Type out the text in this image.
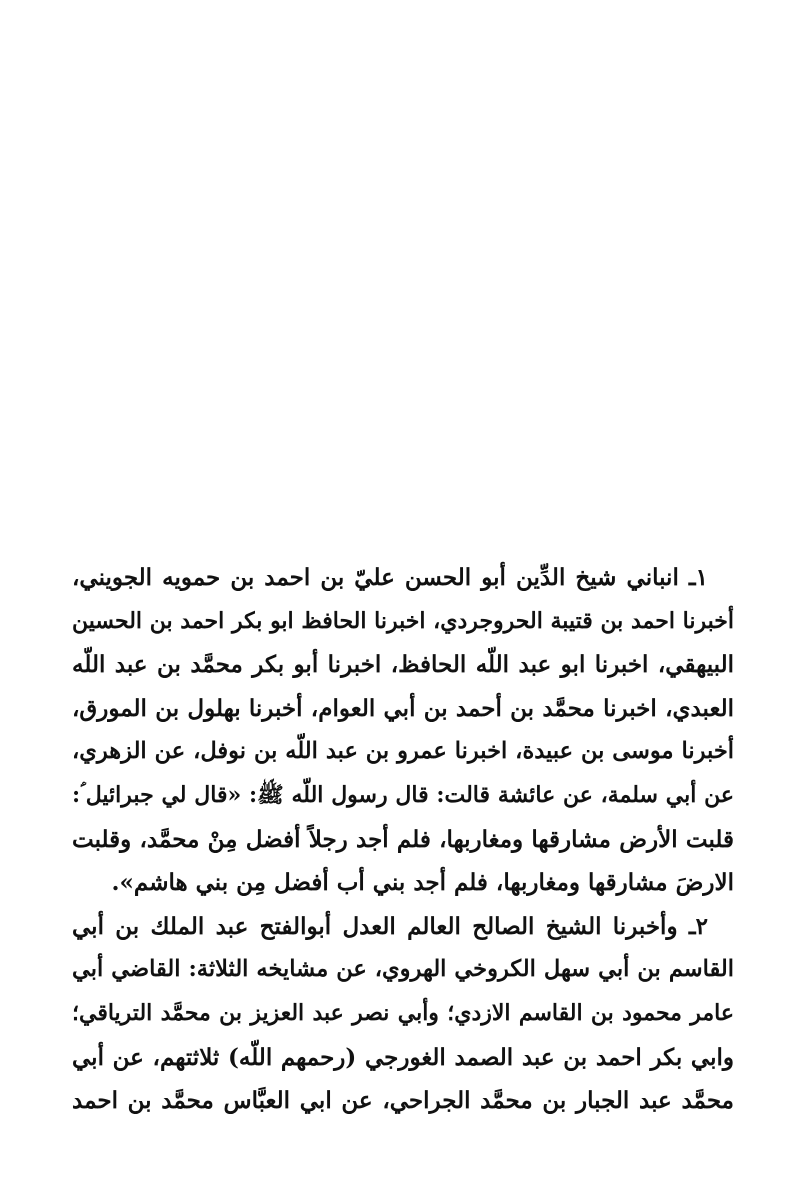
١ـ انباني شيخ الدِّين أبو الحسن عليّ بن احمد بن حمويه الجويني،
أخبرنا احمد بن قتيبة الحروجردي، اخبرنا الحافظ ابو بكر احمد بن الحسين
البيهقي، اخبرنا ابو عبد اللّه الحافظ، اخبرنا أبو بكر محمَّد بن عبد اللّه
العبدي، اخبرنا محمَّد بن أحمد بن أبي العوام، أخبرنا بهلول بن المورق،
أخبرنا موسى بن عبيدة، اخبرنا عمرو بن عبد اللّه بن نوفل، عن الزهري،
عن أبي سلمة، عن عائشة قالت: قال رسول اللّه ﷺ: «قال لي جبرائيل ؑ:
قلبت الأرض مشارقها ومغاربها، فلم أجد رجلاً أفضل مِنْ محمَّد، وقلبت
الارضَ مشارقها ومغاربها، فلم أجد بني أب أفضل مِن بني هاشم».
٢ـ وأخبرنا الشيخ الصالح العالم العدل أبوالفتح عبد الملك بن أبي
القاسم بن أبي سهل الكروخي الهروي، عن مشايخه الثلاثة: القاضي أبي
عامر محمود بن القاسم الازدي؛ وأبي نصر عبد العزيز بن محمَّد الترياقي؛
وابي بكر احمد بن عبد الصمد الغورجي (رحمهم اللّه) ثلاثتهم، عن أبي
محمَّد عبد الجبار بن محمَّد الجراحي، عن ابي العبَّاس محمَّد بن احمد
